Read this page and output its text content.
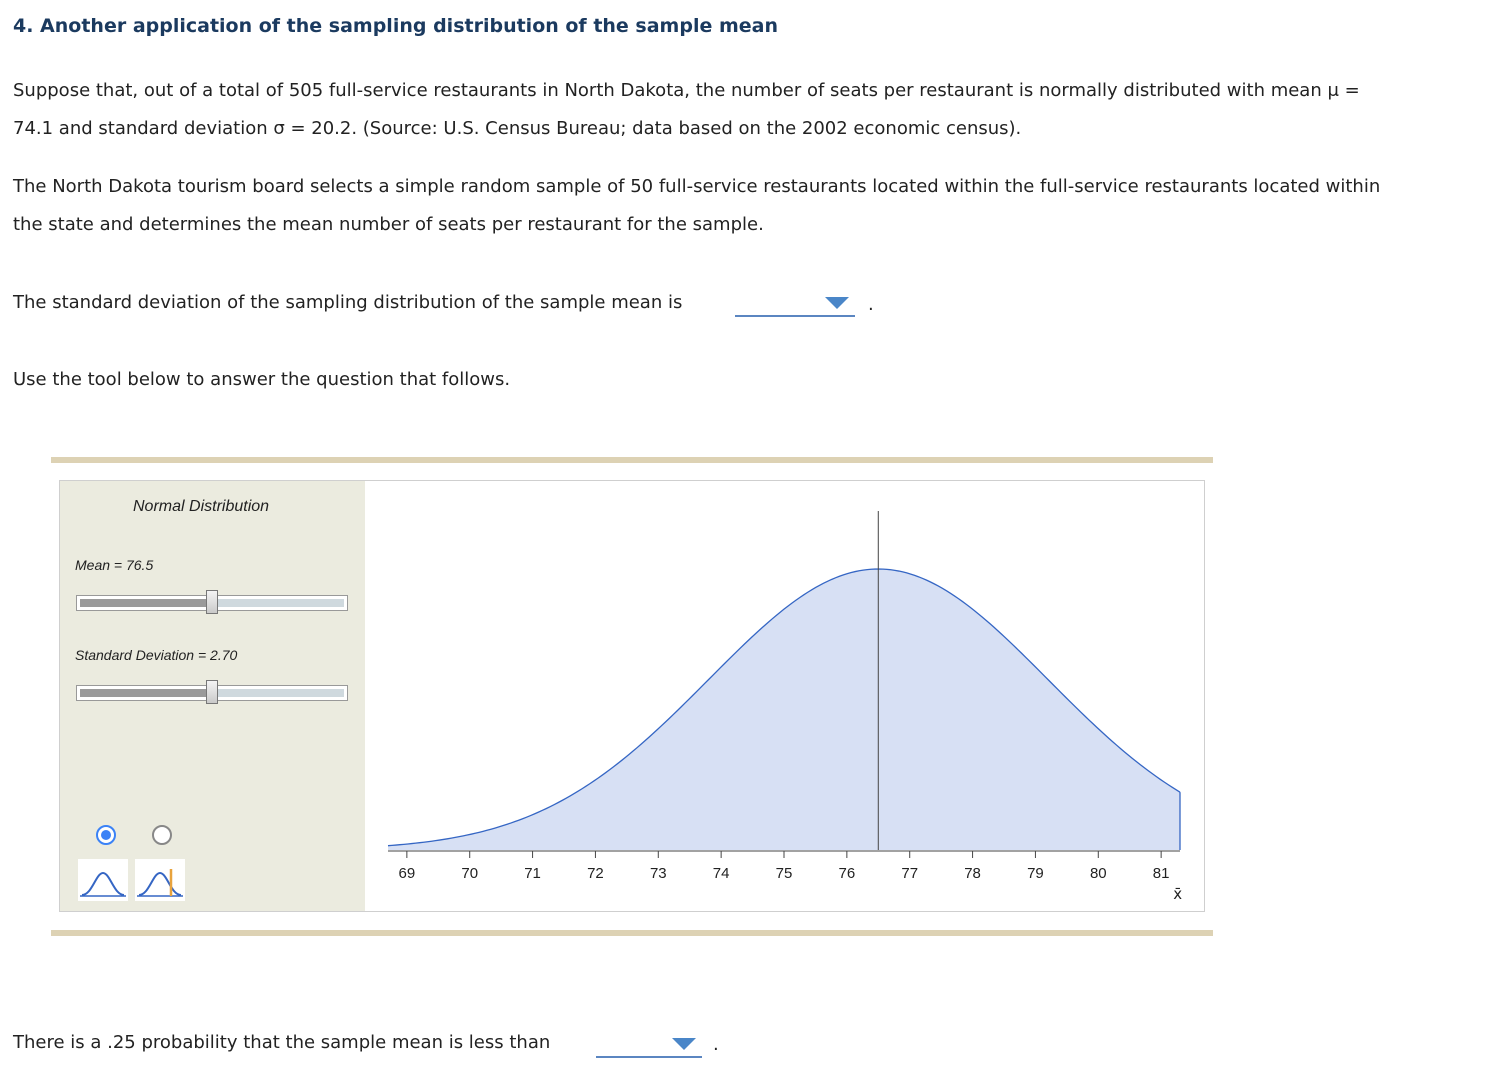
4. Another application of the sampling distribution of the sample mean
Suppose that, out of a total of 505 full-service restaurants in North Dakota, the number of seats per restaurant is normally distributed with mean μ =
74.1 and standard deviation σ = 20.2. (Source: U.S. Census Bureau; data based on the 2002 economic census).
The North Dakota tourism board selects a simple random sample of 50 full-service restaurants located within the full-service restaurants located within
the state and determines the mean number of seats per restaurant for the sample.
The standard deviation of the sampling distribution of the sample mean is	.
Use the tool below to answer the question that follows.
Normal Distribution
Mean = 76.5
Standard Deviation = 2.70
69	70	71	72	73	74	75	76	77	78	79	80	81
x̄
There is a .25 probability that the sample mean is less than	.
